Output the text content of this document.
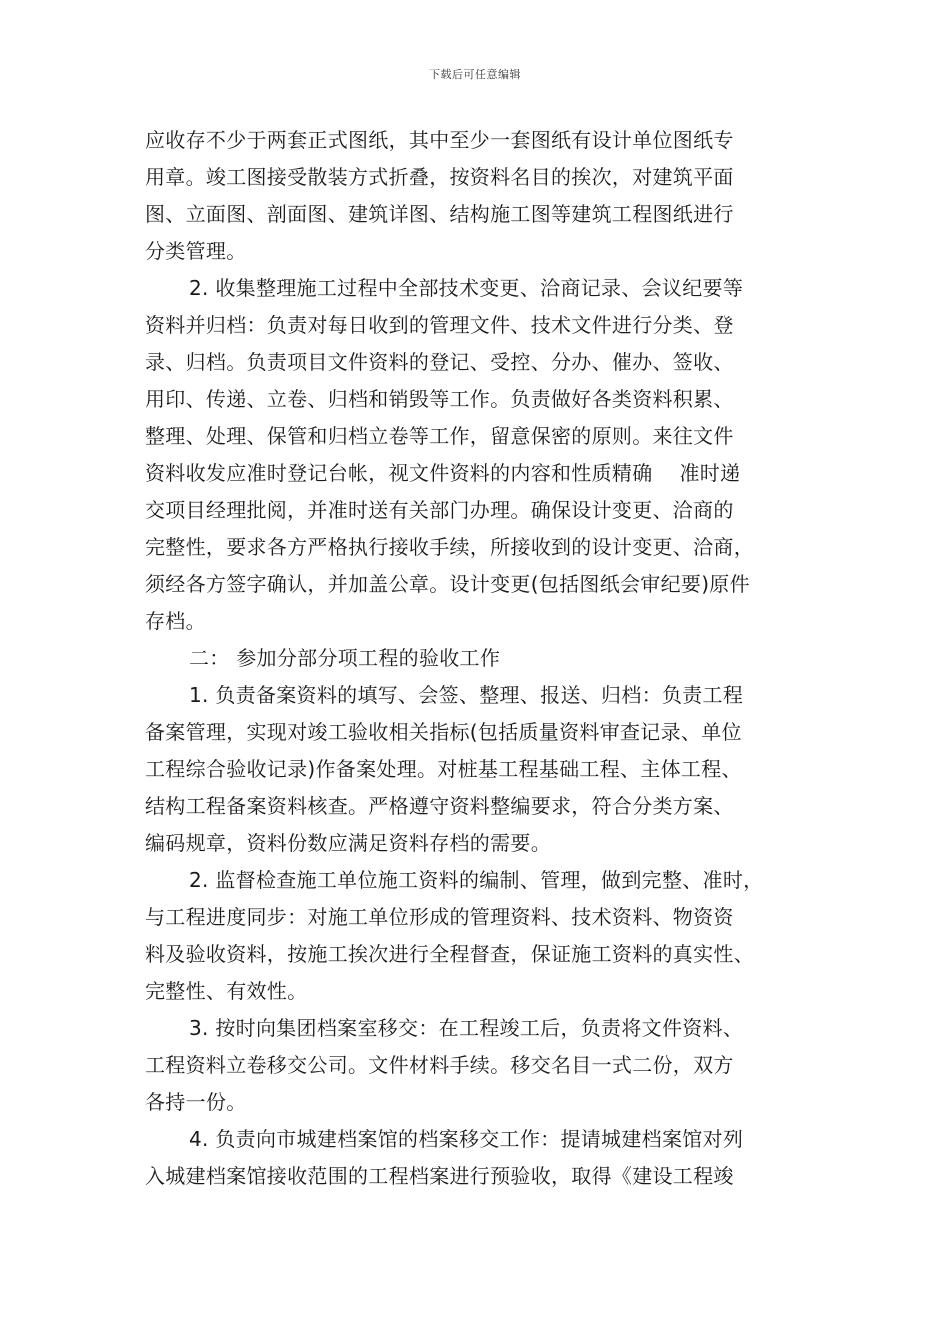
下载后可任意编辑
应收存不少于两套正式图纸，其中至少一套图纸有设计单位图纸专
用章。竣工图接受散装方式折叠，按资料名目的挨次，对建筑平面
图、立面图、剖面图、建筑详图、结构施工图等建筑工程图纸进行
分类管理。
2. 收集整理施工过程中全部技术变更、洽商记录、会议纪要等
资料并归档：负责对每日收到的管理文件、技术文件进行分类、登
录、归档。负责项目文件资料的登记、受控、分办、催办、签收、
用印、传递、立卷、归档和销毁等工作。负责做好各类资料积累、
整理、处理、保管和归档立卷等工作，留意保密的原则。来往文件
资料收发应准时登记台帐，视文件资料的内容和性质精确　 准时递
交项目经理批阅，并准时送有关部门办理。确保设计变更、洽商的
完整性，要求各方严格执行接收手续，所接收到的设计变更、洽商，
须经各方签字确认，并加盖公章。设计变更(包括图纸会审纪要)原件
存档。
二： 参加分部分项工程的验收工作
1. 负责备案资料的填写、会签、整理、报送、归档：负责工程
备案管理，实现对竣工验收相关指标(包括质量资料审查记录、单位
工程综合验收记录)作备案处理。对桩基工程基础工程、主体工程、
结构工程备案资料核查。严格遵守资料整编要求，符合分类方案、
编码规章，资料份数应满足资料存档的需要。
2. 监督检查施工单位施工资料的编制、管理，做到完整、准时，
与工程进度同步：对施工单位形成的管理资料、技术资料、物资资
料及验收资料，按施工挨次进行全程督查，保证施工资料的真实性、
完整性、有效性。
3. 按时向集团档案室移交：在工程竣工后，负责将文件资料、
工程资料立卷移交公司。文件材料手续。移交名目一式二份，双方
各持一份。
4. 负责向市城建档案馆的档案移交工作：提请城建档案馆对列
入城建档案馆接收范围的工程档案进行预验收，取得《建设工程竣
